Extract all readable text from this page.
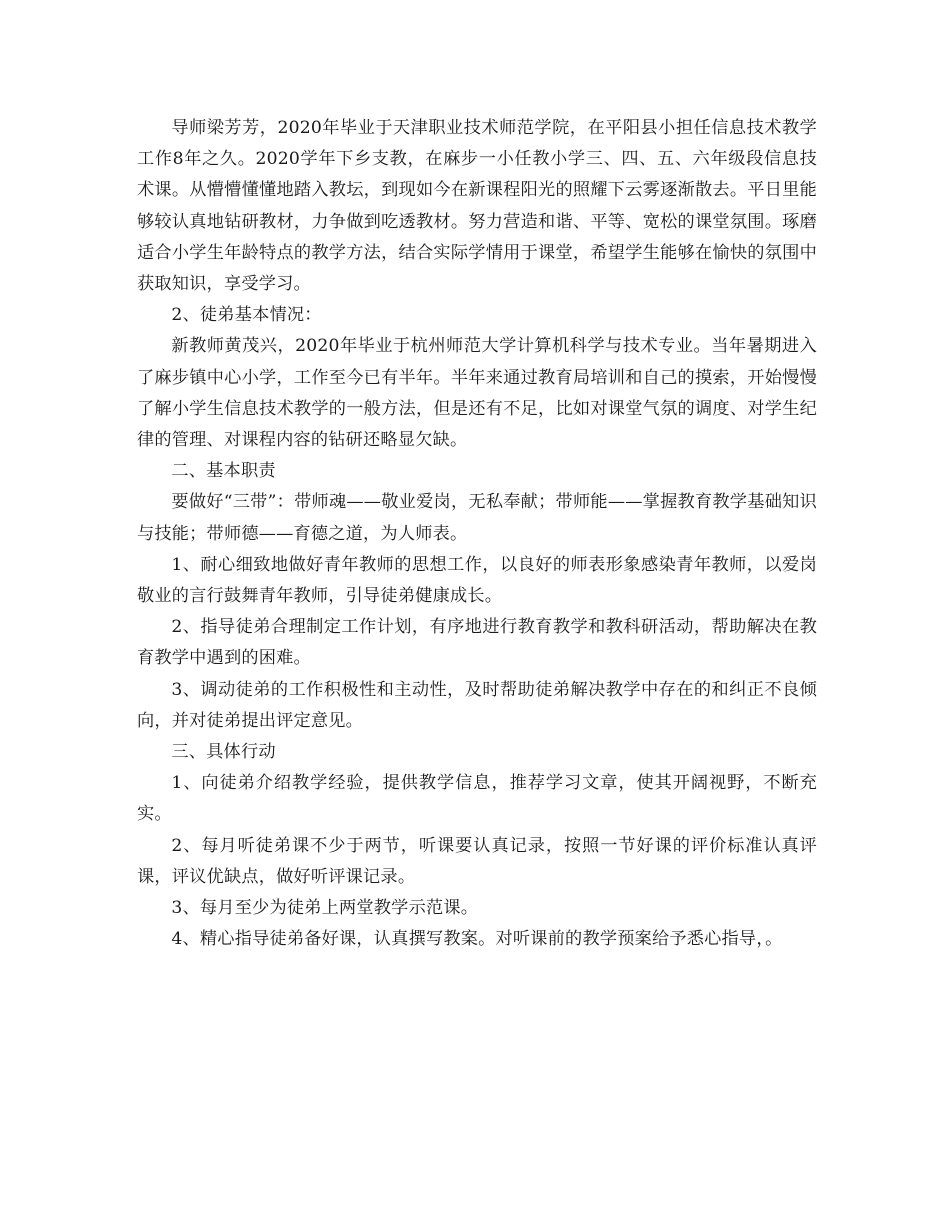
导师梁芳芳，2020年毕业于天津职业技术师范学院，在平阳县小担任信息技术教学工作8年之久。2020学年下乡支教，在麻步一小任教小学三、四、五、六年级段信息技术课。从懵懵懂懂地踏入教坛，到现如今在新课程阳光的照耀下云雾逐渐散去。平日里能够较认真地钻研教材，力争做到吃透教材。努力营造和谐、平等、宽松的课堂氛围。琢磨适合小学生年龄特点的教学方法，结合实际学情用于课堂，希望学生能够在愉快的氛围中获取知识，享受学习。

2、徒弟基本情况：

新教师黄茂兴，2020年毕业于杭州师范大学计算机科学与技术专业。当年暑期进入了麻步镇中心小学，工作至今已有半年。半年来通过教育局培训和自己的摸索，开始慢慢了解小学生信息技术教学的一般方法，但是还有不足，比如对课堂气氛的调度、对学生纪律的管理、对课程内容的钻研还略显欠缺。

二、基本职责

要做好“三带”：带师魂——敬业爱岗，无私奉献；带师能——掌握教育教学基础知识与技能；带师德——育德之道，为人师表。

1、耐心细致地做好青年教师的思想工作，以良好的师表形象感染青年教师，以爱岗敬业的言行鼓舞青年教师，引导徒弟健康成长。

2、指导徒弟合理制定工作计划，有序地进行教育教学和教科研活动，帮助解决在教育教学中遇到的困难。

3、调动徒弟的工作积极性和主动性，及时帮助徒弟解决教学中存在的和纠正不良倾向，并对徒弟提出评定意见。

三、具体行动

1、向徒弟介绍教学经验，提供教学信息，推荐学习文章，使其开阔视野，不断充实。

2、每月听徒弟课不少于两节，听课要认真记录，按照一节好课的评价标准认真评课，评议优缺点，做好听评课记录。

3、每月至少为徒弟上两堂教学示范课。

4、精心指导徒弟备好课，认真撰写教案。对听课前的教学预案给予悉心指导，。
